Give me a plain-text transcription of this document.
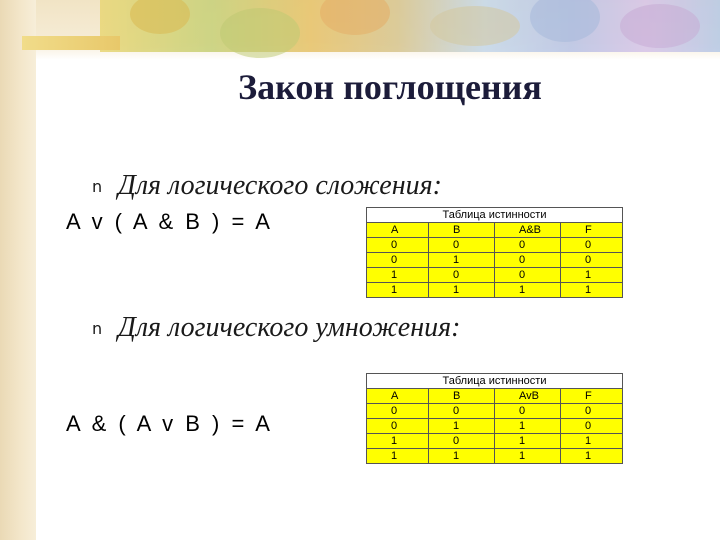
Закон поглощения
n Для логического сложения:
A v ( A & B ) = A	Таблица истинности			
A	B	A&B	F
0	0	0	0
0	1	0	0
1	0	0	1
1	1	1	1
n Для логического умножения:
A & ( A v B ) = A
Таблица истинности			
A	B	AvB	F
0	0	0	0
0	1	1	0
1	0	1	1
1	1	1	1
